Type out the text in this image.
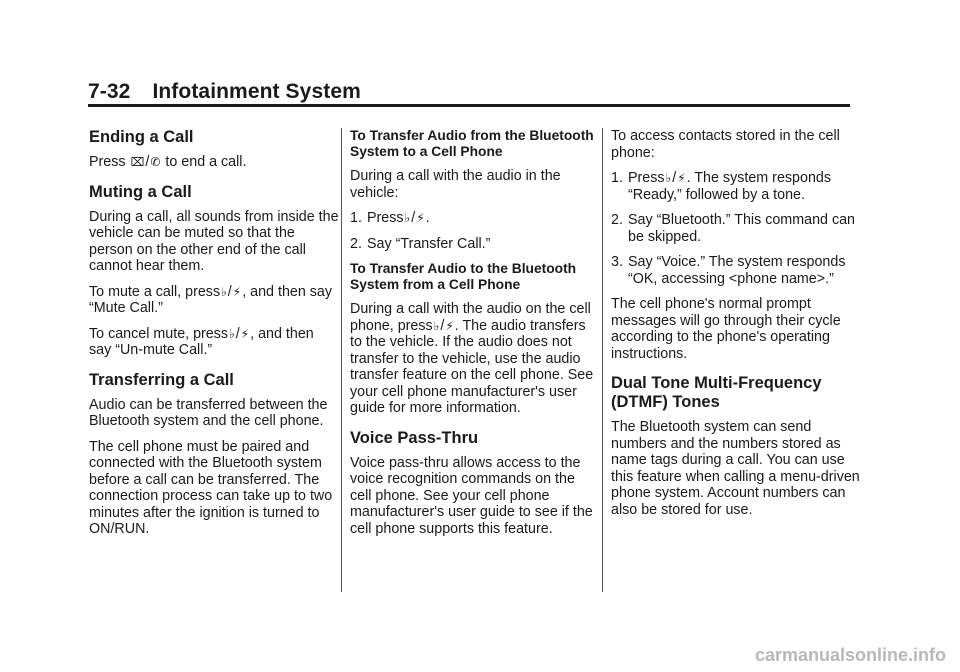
7-32 Infotainment System
Ending a Call

Press ⌧/✆ to end a call.

Muting a Call

During a call, all sounds from inside the vehicle can be muted so that the person on the other end of the call cannot hear them.

To mute a call, press♭/⚡, and then say “Mute Call.”

To cancel mute, press♭/⚡, and then say “Un-mute Call.”

Transferring a Call

Audio can be transferred between the Bluetooth system and the cell phone.

The cell phone must be paired and connected with the Bluetooth system before a call can be transferred. The connection process can take up to two minutes after the ignition is turned to ON/RUN.

To Transfer Audio from the Bluetooth System to a Cell Phone

During a call with the audio in the vehicle:

1. Press♭/⚡.
2. Say “Transfer Call.”
To Transfer Audio to the Bluetooth System from a Cell Phone

During a call with the audio on the cell phone, press♭/⚡. The audio transfers to the vehicle. If the audio does not transfer to the vehicle, use the audio transfer feature on the cell phone. See your cell phone manufacturer's user guide for more information.

Voice Pass-Thru

Voice pass-thru allows access to the voice recognition commands on the cell phone. See your cell phone manufacturer's user guide to see if the cell phone supports this feature.

To access contacts stored in the cell phone:

1. Press♭/⚡. The system responds “Ready,” followed by a tone.
2. Say “Bluetooth.” This command can be skipped.
3. Say “Voice.” The system responds “OK, accessing <phone name>.”

The cell phone's normal prompt messages will go through their cycle according to the phone's operating instructions.

Dual Tone Multi-Frequency (DTMF) Tones

The Bluetooth system can send numbers and the numbers stored as name tags during a call. You can use this feature when calling a menu-driven phone system. Account numbers can also be stored for use.

carmanualsonline.info
